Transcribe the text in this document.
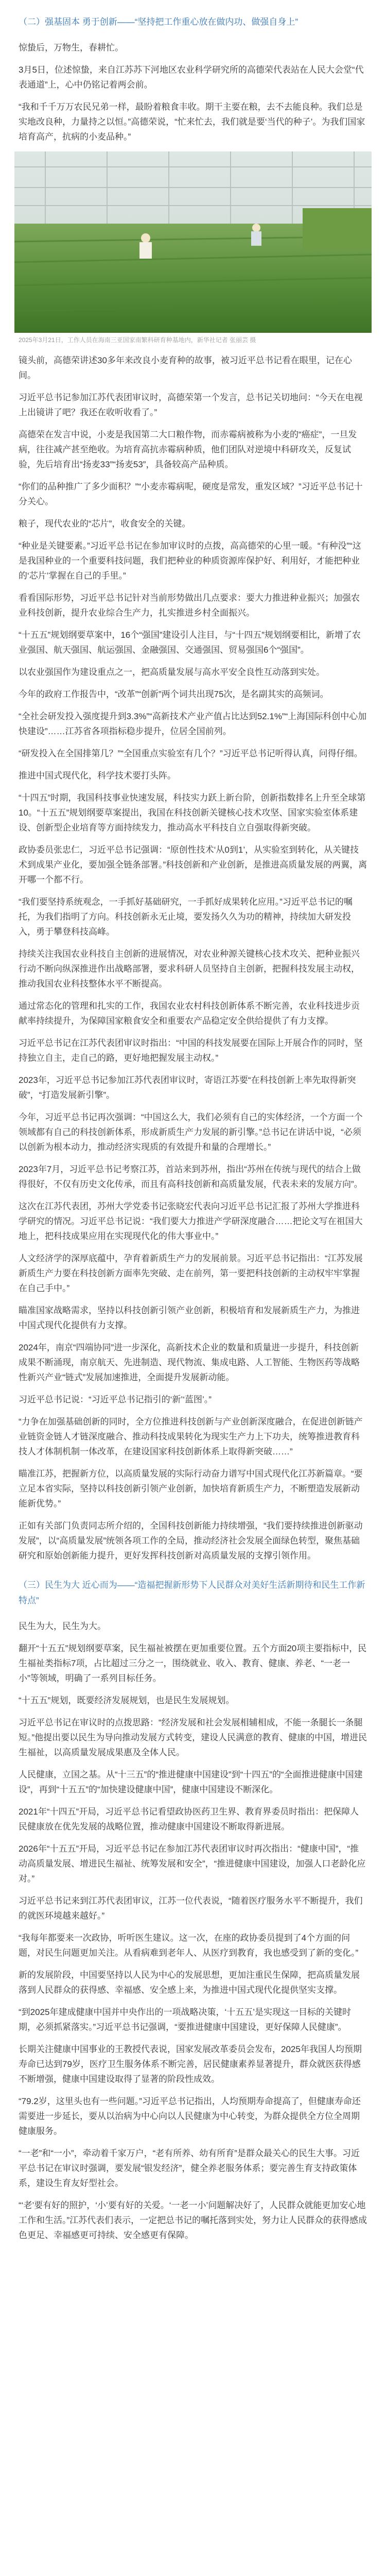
（二）强基固本 勇于创新——“坚持把工作重心放在做内功、做强自身上”

惊蛰后，万物生，春耕忙。

3月5日，位述惊蛰，来自江苏苏下河地区农业科学研究所的高德荣代表站在人民大会堂“代表通道”上，心中仍铭记着两会前。

“我和千千万万农民兄弟一样，最盼着粮食丰收。期干主要在粮，去不去能良种。我们总是实地改良种，力量持之以恒。”高德荣说，“忙来忙去，我们就是要‘当代的种子’。为我们国家培育高产，抗病的小麦品种。”

2025年3月21日，工作人员在海南三亚国家南繁科研育种基地内，新华社记者 张丽芸 摄

镜头前，高德荣讲述30多年来改良小麦育种的故事，被习近平总书记看在眼里，记在心间。

习近平总书记参加江苏代表团审议时，高德荣第一个发言，总书记关切地问：“今天在电视上出镜讲了吧？我还在收听收看了。”

高德荣在发言中说，小麦是我国第二大口粮作物，而赤霉病被称为小麦的“癌症”，一旦发病，往往减产甚至绝收。为培育高抗赤霉病种质，他们团队对逆境中科研攻关，反复试验，先后培育出“扬麦33”“扬麦53”，具备较高产品种质。

“你们的品种推广了多少面积？”“小麦赤霉病呢，硬度是常发，重发区域？”习近平总书记十分关心。

粮子，现代农业的“芯片”，收食安全的关键。

“种业是关键要素。”习近平总书记在参加审议时的点拨，高高德荣的心里一暖。“有种没”“这是我国种业的一个重要科技问题，我们把种业的种质资源库保护好、利用好，才能把种业的‘芯片’掌握在自己的手里。”

看看国际形势，习近平总书记针对当前形势做出几点要求：要大力推进种业振兴；加强农业科技创新，提升农业综合生产力，扎实推进乡村全面振兴。

“十五五”规划纲要草案中，16个“强国”建设引人注目，与“十四五”规划纲要相比，新增了农业强国、航天强国、航运强国、金融强国、交通强国、贸易强国6个“强国”。

以农业强国作为建设重点之一，把高质量发展与高水平安全良性互动落到实处。

今年的政府工作报告中，“改革”“创新”两个词共出现75次，是名副其实的高频词。

“全社会研发投入强度提升到3.3%”“高新技术产业产值占比达到52.1%”“上海国际科创中心加快建设”……江苏省各项指标稳步提升，位居全国前列。

“研发投入在全国排第几？”“全国重点实验室有几个？”习近平总书记听得认真，问得仔细。

推进中国式现代化，科学技术要打头阵。

“十四五”时期，我国科技事业快速发展，科技实力跃上新台阶，创新指数排名上升至全球第10。“十五五”规划纲要草案提出，我国在科技创新关键核心技术攻坚、国家实验室体系建设、创新型企业培育等方面持续发力，推动高水平科技自立自强取得新突破。

政协委员张忠仁，习近平总书记强调：“原创性技术‘从0到1’，从实验室到转化，从关键技术到成果产业化，要加强全链条部署。”科技创新和产业创新，是推进高质量发展的两翼，离开哪一个都不行。

“我们要坚持系统观念，一手抓好基础研究，一手抓好成果转化应用。”习近平总书记的嘱托，为我们指明了方向。科技创新永无止境，要发扬久久为功的精神，持续加大研发投入，勇于攀登科技高峰。

持续关注我国农业科技自主创新的进展情况，对农业种源关键核心技术攻关、把种业振兴行动不断向纵深推进作出战略部署，要求科研人员坚持自主创新，把握科技发展主动权，推动我国农业科技整体水平不断提高。

通过常态化的管理和扎实的工作，我国农业农村科技创新体系不断完善，农业科技进步贡献率持续提升，为保障国家粮食安全和重要农产品稳定安全供给提供了有力支撑。

习近平总书记在江苏代表团审议时指出：“中国的科技发展要在国际上开展合作的同时，坚持独立自主，走自己的路，更好地把握发展主动权。”

2023年，习近平总书记参加江苏代表团审议时，寄语江苏要“在科技创新上率先取得新突破”，“打造发展新引擎”。

今年，习近平总书记再次强调：“中国这么大，我们必须有自己的实体经济，一个方面一个领域都有自己的科技创新体系，形成新质生产力发展的新引擎。”总书记在讲话中说，“必须以创新为根本动力，推动经济实现质的有效提升和量的合理增长。”

2023年7月，习近平总书记考察江苏，首站来到苏州，指出“苏州在传统与现代的结合上做得很好，不仅有历史文化传承，而且有高科技创新和高质量发展，代表未来的发展方向”。

这次在江苏代表团，苏州大学党委书记张晓宏代表向习近平总书记汇报了苏州大学推进科学研究的情况。习近平总书记说：“我们要大力推进产学研深度融合……把论文写在祖国大地上，把科技成果应用在实现现代化的伟大事业中。”

人文经济学的深厚底蕴中，孕育着新质生产力的发展前景。习近平总书记指出：“江苏发展新质生产力要在科技创新方面率先突破、走在前列，第一要把科技创新的主动权牢牢掌握在自己手中。”

瞄准国家战略需求，坚持以科技创新引领产业创新，积极培育和发展新质生产力，为推进中国式现代化提供有力支撑。

2024年，南京“四端协同”进一步深化，高新技术企业的数量和质量进一步提升，科技创新成果不断涌现，南京航天、先进制造、现代物流、集成电路、人工智能、生物医药等战略性新兴产业“链式”发展加速推进，全面提升发展新动能。

习近平总书记说：“习近平总书记指引的‘新’‘蓝图’。”

“力争在加强基础创新的同时，全方位推进科技创新与产业创新深度融合，在促进创新链产业链资金链人才链深度融合、推动科技成果转化为现实生产力上下功夫，统筹推进教育科技人才体制机制一体改革，在建设国家科技创新体系上取得新突破……”

瞄准江苏，把握新方位，以高质量发展的实际行动奋力谱写中国式现代化江苏新篇章。“要立足本省实际，坚持以科技创新引领产业创新，加快培育新质生产力，不断塑造发展新动能新优势。”

正如有关部门负责同志所介绍的，全国科技创新能力持续增强，“我们要持续推进创新驱动发展”，以“高质量发展”统领各项工作的全局，推动经济社会发展全面绿色转型，聚焦基础研究和原始创新能力提升，更好发挥科技创新对高质量发展的支撑引领作用。

（三）民生为大 近心而为——“造福把握新形势下人民群众对美好生活新期待和民生工作新特点”

民生为大，民生为大。

翻开“十五五”规划纲要草案，民生福祉被摆在更加重要位置。五个方面20项主要指标中，民生福祉类指标7项，占比超过三分之一，围绕就业、收入、教育、健康、养老、“一老一小”等领域，明确了一系列目标任务。

“十五五”规划，既要经济发展规划，也是民生发展规划。

习近平总书记在审议时的点拨思路：“经济发展和社会发展相辅相成，不能一条腿长一条腿短。”他提出要以民生为导向推动发展方式转变，建设人民满意的教育、健康的中国，增进民生福祉，以高质量发展成果惠及全体人民。

人民健康，立国之基。从“十三五”的“推进健康中国建设”到“十四五”的“全面推进健康中国建设”，再到“十五五”的“加快建设健康中国”，健康中国建设不断深化。

2021年“十四五”开局，习近平总书记看望政协医药卫生界、教育界委员时指出：把保障人民健康放在优先发展的战略位置，推动健康中国建设不断取得新进展。

2026年“十五五”开局，习近平总书记在参加江苏代表团审议时再次指出：“健康中国”，“推动高质量发展、增进民生福祉、统筹发展和安全”，“推进健康中国建设，加强人口老龄化应对。”

习近平总书记来到江苏代表团审议，江苏一位代表说，“随着医疗服务水平不断提升，我们的就医环境越来越好。”

“我每年都要来一次政协，听听医生建议。这一次，在座的政协委员提到了4个方面的问题，对民生问题更加关注。从看病难到老年人、从医疗到教育，我也感受到了新的变化。”

新的发展阶段，中国要坚持以人民为中心的发展思想，更加注重民生保障，把高质量发展落到人民群众的获得感、幸福感、安全感上来，为推进中国式现代化提供坚实支撑。

“到2025年建成健康中国并中央作出的一项战略决策，‘十五五’是实现这一目标的关键时期，必须抓紧落实。”习近平总书记强调，“要推进健康中国建设，更好保障人民健康”。

长期关注健康中国事业的王教授代表说，国家发展改革委员会发布，2025年我国人均预期寿命已达到79岁，医疗卫生服务体系不断完善，居民健康素养显著提升，群众就医获得感不断增强，健康中国建设取得了显著的阶段性成效。

“79.2岁，这里头也有一些问题。”习近平总书记指出，人均预期寿命提高了，但健康寿命还需要进一步延长，要从以治病为中心向以人民健康为中心转变，为群众提供全方位全周期健康服务。

“一老”和“一小”，牵动着千家万户，“老有所养、幼有所育”是群众最关心的民生大事。习近平总书记在审议时强调，要发展“银发经济”，健全养老服务体系；要完善生育支持政策体系，建设生育友好型社会。

“‘老’要有好的照护，‘小’要有好的关爱。‘一老一小’问题解决好了，人民群众就能更加安心地工作和生活。”江苏代表们表示，一定把总书记的嘱托落到实处，努力让人民群众的获得感成色更足、幸福感更可持续、安全感更有保障。
